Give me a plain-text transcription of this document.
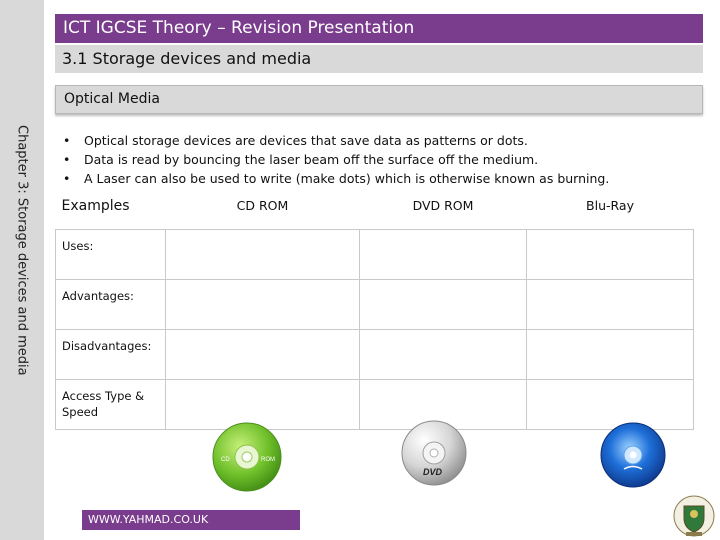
Chapter 3: Storage devices and media
ICT IGCSE Theory – Revision Presentation
3.1 Storage devices and media
Optical Media
• Optical storage devices are devices that save data as patterns or dots.
• Data is read by bouncing the laser beam off the surface off the medium.
• A Laser can also be used to write (make dots) which is otherwise known as burning.
Examples	CD ROM	DVD ROM	Blu-Ray
Uses:			
Advantages:			
Disadvantages:			
Access Type & Speed			
CD	ROM
DVD
WWW.YAHMAD.CO.UK
